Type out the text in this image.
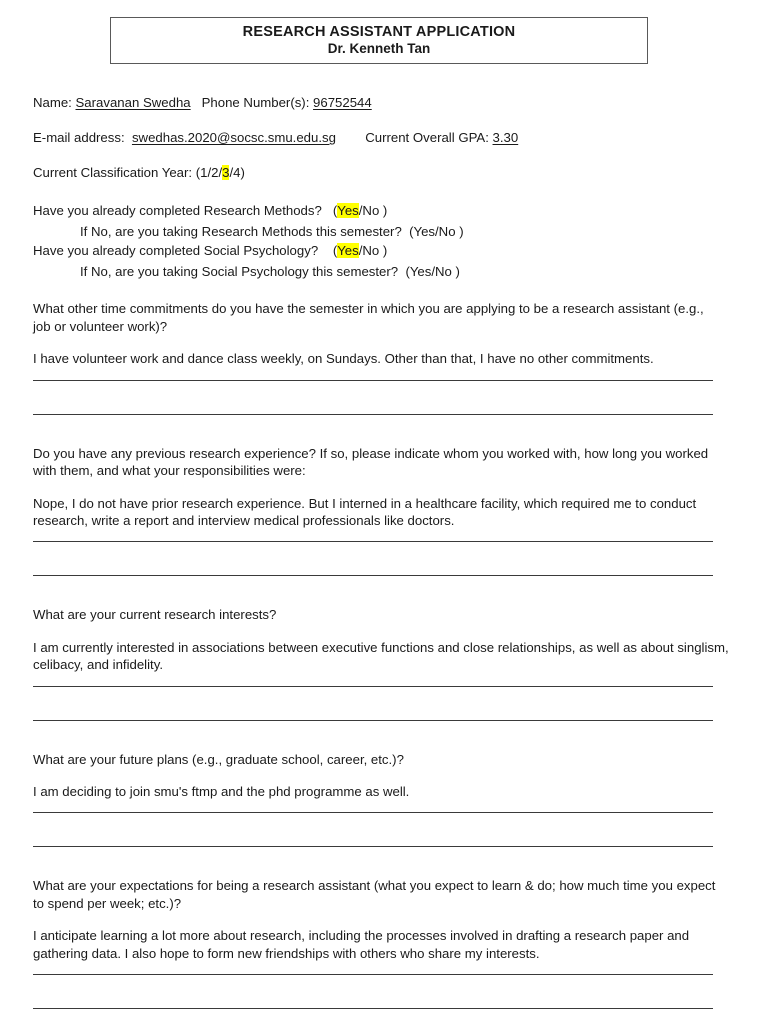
RESEARCH ASSISTANT APPLICATION
Dr. Kenneth Tan
Name: Saravanan Swedha Phone Number(s): 96752544
E-mail address: swedhas.2020@socsc.smu.edu.sg Current Overall GPA: 3.30
Current Classification Year: (1/2/3/4)
Have you already completed Research Methods? (Yes/No )
If No, are you taking Research Methods this semester?  (Yes/No )
Have you already completed Social Psychology? (Yes/No )
If No, are you taking Social Psychology this semester?  (Yes/No )
What other time commitments do you have the semester in which you are applying to be a research assistant (e.g., job or volunteer work)?
I have volunteer work and dance class weekly, on Sundays. Other than that, I have no other commitments.
Do you have any previous research experience? If so, please indicate whom you worked with, how long you worked with them, and what your responsibilities were:
Nope, I do not have prior research experience. But I interned in a healthcare facility, which required me to conduct research, write a report and interview medical professionals like doctors.
What are your current research interests?
I am currently interested in associations between executive functions and close relationships, as well as about singlism, celibacy, and infidelity.
What are your future plans (e.g., graduate school, career, etc.)?
I am deciding to join smu's ftmp and the phd programme as well.
What are your expectations for being a research assistant (what you expect to learn & do; how much time you expect to spend per week; etc.)?
I anticipate learning a lot more about research, including the processes involved in drafting a research paper and gathering data. I also hope to form new friendships with others who share my interests.
